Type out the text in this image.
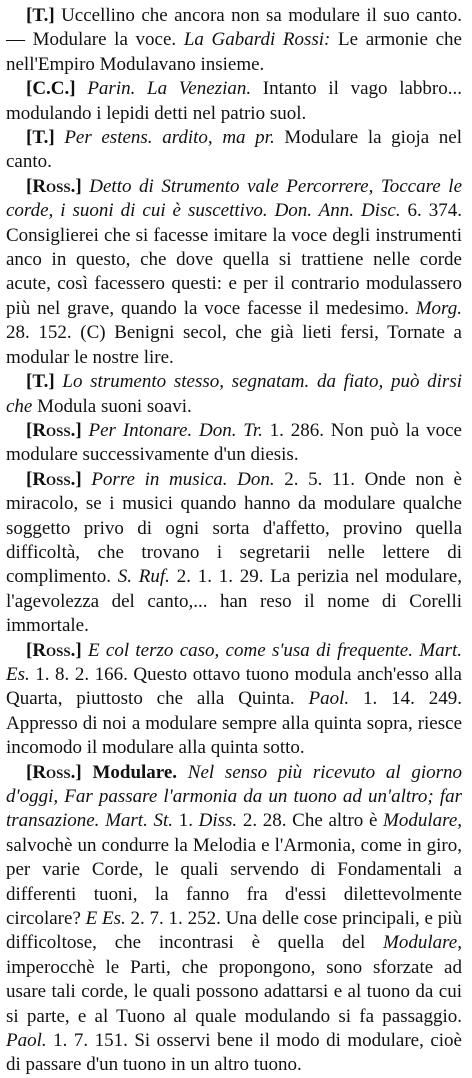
[T.] Uccellino che ancora non sa modulare il suo canto. — Modulare la voce. La Gabardi Rossi: Le armonie che nell'Empiro Modulavano insieme.

[C.C.] Parin. La Venezian. Intanto il vago labbro... modulando i lepidi detti nel patrio suol.

[T.] Per estens. ardito, ma pr. Modulare la gioja nel canto.

[Ross.] Detto di Strumento vale Percorrere, Toccare le corde, i suoni di cui è suscettivo. Don. Ann. Disc. 6. 374. Consiglierei che si facesse imitare la voce degli instrumenti anco in questo, che dove quella si trattiene nelle corde acute, così facessero questi: e per il contrario modulassero più nel grave, quando la voce facesse il medesimo. Morg. 28. 152. (C) Benigni secol, che già lieti fersi, Tornate a modular le nostre lire.

[T.] Lo strumento stesso, segnatam. da fiato, può dirsi che Modula suoni soavi.

[Ross.] Per Intonare. Don. Tr. 1. 286. Non può la voce modulare successivamente d'un diesis.

[Ross.] Porre in musica. Don. 2. 5. 11. Onde non è miracolo, se i musici quando hanno da modulare qualche soggetto privo di ogni sorta d'affetto, provino quella difficoltà, che trovano i segretarii nelle lettere di complimento. S. Ruf. 2. 1. 1. 29. La perizia nel modulare, l'agevolezza del canto,... han reso il nome di Corelli immortale.

[Ross.] E col terzo caso, come s'usa di frequente. Mart. Es. 1. 8. 2. 166. Questo ottavo tuono modula anch'esso alla Quarta, piuttosto che alla Quinta. Paol. 1. 14. 249. Appresso di noi a modulare sempre alla quinta sopra, riesce incomodo il modulare alla quinta sotto.

[Ross.] Modulare. Nel senso più ricevuto al giorno d'oggi, Far passare l'armonia da un tuono ad un'altro; far transazione. Mart. St. 1. Diss. 2. 28. Che altro è Modulare, salvochè un condurre la Melodia e l'Armonia, come in giro, per varie Corde, le quali servendo di Fondamentali a differenti tuoni, la fanno fra d'essi dilettevolmente circolare? E Es. 2. 7. 1. 252. Una delle cose principali, e più difficoltose, che incontrasi è quella del Modulare, imperocchè le Parti, che propongono, sono sforzate ad usare tali corde, le quali possono adattarsi e al tuono da cui si parte, e al Tuono al quale modulando si fa passaggio. Paol. 1. 7. 151. Si osservi bene il modo di modulare, cioè di passare d'un tuono in un altro tuono.
